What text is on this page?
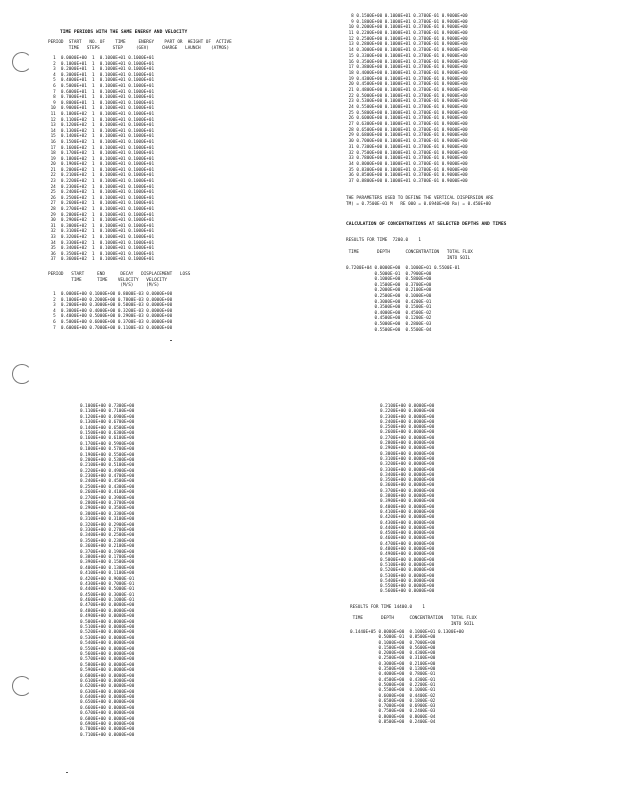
TIME PERIODS WITH THE SAME ENERGY AND VELOCITY
PERIOD  START   NO. OF    TIME     ENERGY    PART OR  HEIGHT OF  ACTIVE
TIME   STEPS     STEP     (GEV)     CHARGE   LAUNCH    (ATMOS)
1  0.0000E+00  1  0.1000E+01 0.1000E+01
2  0.1000E+01  1  0.1000E+01 0.1000E+01
3  0.2000E+01  1  0.1000E+01 0.1000E+01
4  0.3000E+01  1  0.1000E+01 0.1000E+01
5  0.4000E+01  1  0.1000E+01 0.1000E+01
6  0.5000E+01  1  0.1000E+01 0.1000E+01
7  0.6000E+01  1  0.1000E+01 0.1000E+01
8  0.7000E+01  1  0.1000E+01 0.1000E+01
9  0.8000E+01  1  0.1000E+01 0.1000E+01
10  0.9000E+01  1  0.1000E+01 0.1000E+01
11  0.1000E+02  1  0.1000E+01 0.1000E+01
12  0.1100E+02  1  0.1000E+01 0.1000E+01
13  0.1200E+02  1  0.1000E+01 0.1000E+01
14  0.1300E+02  1  0.1000E+01 0.1000E+01
15  0.1400E+02  1  0.1000E+01 0.1000E+01
16  0.1500E+02  1  0.1000E+01 0.1000E+01
17  0.1600E+02  1  0.1000E+01 0.1000E+01
18  0.1700E+02  1  0.1000E+01 0.1000E+01
19  0.1800E+02  1  0.1000E+01 0.1000E+01
20  0.1900E+02  1  0.1000E+01 0.1000E+01
21  0.2000E+02  1  0.1000E+01 0.1000E+01
22  0.2100E+02  1  0.1000E+01 0.1000E+01
23  0.2200E+02  1  0.1000E+01 0.1000E+01
24  0.2300E+02  1  0.1000E+01 0.1000E+01
25  0.2400E+02  1  0.1000E+01 0.1000E+01
26  0.2500E+02  1  0.1000E+01 0.1000E+01
27  0.2600E+02  1  0.1000E+01 0.1000E+01
28  0.2700E+02  1  0.1000E+01 0.1000E+01
29  0.2800E+02  1  0.1000E+01 0.1000E+01
30  0.2900E+02  1  0.1000E+01 0.1000E+01
31  0.3000E+02  1  0.1000E+01 0.1000E+01
32  0.3100E+02  1  0.1000E+01 0.1000E+01
33  0.3200E+02  1  0.1000E+01 0.1000E+01
34  0.3300E+02  1  0.1000E+01 0.1000E+01
35  0.3400E+02  1  0.1000E+01 0.1000E+01
36  0.3500E+02  1  0.1000E+01 0.1000E+01
37  0.3600E+02  1  0.1000E+01 0.1000E+01
PERIOD   START     END      DECAY   DISPLACEMENT   LOSS
TIME      TIME    VELOCITY   VELOCITY
(M/S)     (M/S)
1  0.0000E+00 0.1000E+00 0.8000E-03 0.0000E+00
2  0.1000E+00 0.2000E+00 0.7800E-03 0.0000E+00
3  0.2000E+00 0.3000E+00 0.5000E-03 0.0000E+00
4  0.3000E+00 0.4000E+00 0.3200E-03 0.0000E+00
5  0.4000E+00 0.5000E+00 0.2900E-03 0.0000E+00
6  0.5000E+00 0.6000E+00 0.3700E-03 0.0000E+00
7  0.6000E+00 0.7000E+00 0.1100E-03 0.0000E+00
8 0.1500E+00 0.1000E+01 0.3700E-01 0.9000E+00
9 0.1800E+00 0.1000E+01 0.3700E-01 0.9000E+00
10 0.2000E+00 0.1000E+01 0.3700E-01 0.9000E+00
11 0.2200E+00 0.1000E+01 0.3700E-01 0.9000E+00
12 0.2500E+00 0.1000E+01 0.3700E-01 0.9000E+00
13 0.2800E+00 0.1000E+01 0.3700E-01 0.9000E+00
14 0.3000E+00 0.1000E+01 0.3700E-01 0.9000E+00
15 0.3300E+00 0.1000E+01 0.3700E-01 0.9000E+00
16 0.3500E+00 0.1000E+01 0.3700E-01 0.9000E+00
17 0.3800E+00 0.1000E+01 0.3700E-01 0.9000E+00
18 0.4000E+00 0.1000E+01 0.3700E-01 0.9000E+00
19 0.4300E+00 0.1000E+01 0.3700E-01 0.9000E+00
20 0.4500E+00 0.1000E+01 0.3700E-01 0.9000E+00
21 0.4800E+00 0.1000E+01 0.3700E-01 0.9000E+00
22 0.5000E+00 0.1000E+01 0.3700E-01 0.9000E+00
23 0.5300E+00 0.1000E+01 0.3700E-01 0.9000E+00
24 0.5500E+00 0.1000E+01 0.3700E-01 0.9000E+00
25 0.5800E+00 0.1000E+01 0.3700E-01 0.9000E+00
26 0.6000E+00 0.1000E+01 0.3700E-01 0.9000E+00
27 0.6300E+00 0.1000E+01 0.3700E-01 0.9000E+00
28 0.6500E+00 0.1000E+01 0.3700E-01 0.9000E+00
29 0.6800E+00 0.1000E+01 0.3700E-01 0.9000E+00
30 0.7000E+00 0.1000E+01 0.3700E-01 0.9000E+00
31 0.7300E+00 0.1000E+01 0.3700E-01 0.9000E+00
32 0.7500E+00 0.1000E+01 0.3700E-01 0.9000E+00
33 0.7800E+00 0.1000E+01 0.3700E-01 0.9000E+00
34 0.8000E+00 0.1000E+01 0.3700E-01 0.9000E+00
35 0.8300E+00 0.1000E+01 0.3700E-01 0.9000E+00
36 0.8500E+00 0.1000E+01 0.3700E-01 0.9000E+00
37 0.8800E+00 0.1000E+01 0.3700E-01 0.9000E+00
THE PARAMETERS USED TO DEFINE THE VERTICAL DISPERSION ARE
TM) = 0.7500E-01 M   RE 000 = 0.6940E+00 Ro) = 0.450E+00
CALCULATION OF CONCENTRATIONS AT SELECTED DEPTHS AND TIMES
RESULTS FOR TIME  7200.0    1
TIME       DEPTH      CONCENTRATION   TOTAL FLUX
INTO SOIL
0.7200E+04 0.0000E+00  0.1000E+01 0.5500E-01
0.5000E-01  0.7900E+00
0.1000E+00  0.5800E+00
0.1500E+00  0.3700E+00
0.2000E+00  0.2100E+00
0.2500E+00  0.1000E+00
0.3000E+00  0.4200E-01
0.3500E+00  0.1500E-01
0.4000E+00  0.4500E-02
0.4500E+00  0.1200E-02
0.5000E+00  0.2800E-03
0.5500E+00  0.5500E-04
0.1000E+00 0.7300E+00
0.1100E+00 0.7100E+00
0.1200E+00 0.6900E+00
0.1300E+00 0.6700E+00
0.1400E+00 0.6500E+00
0.1500E+00 0.6300E+00
0.1600E+00 0.6100E+00
0.1700E+00 0.5900E+00
0.1800E+00 0.5700E+00
0.1900E+00 0.5500E+00
0.2000E+00 0.5300E+00
0.2100E+00 0.5100E+00
0.2200E+00 0.4900E+00
0.2300E+00 0.4700E+00
0.2400E+00 0.4500E+00
0.2500E+00 0.4300E+00
0.2600E+00 0.4100E+00
0.2700E+00 0.3900E+00
0.2800E+00 0.3700E+00
0.2900E+00 0.3500E+00
0.3000E+00 0.3300E+00
0.3100E+00 0.3100E+00
0.3200E+00 0.2900E+00
0.3300E+00 0.2700E+00
0.3400E+00 0.2500E+00
0.3500E+00 0.2300E+00
0.3600E+00 0.2100E+00
0.3700E+00 0.1900E+00
0.3800E+00 0.1700E+00
0.3900E+00 0.1500E+00
0.4000E+00 0.1300E+00
0.4100E+00 0.1100E+00
0.4200E+00 0.9000E-01
0.4300E+00 0.7000E-01
0.4400E+00 0.5000E-01
0.4500E+00 0.3000E-01
0.4600E+00 0.1000E-01
0.4700E+00 0.0000E+00
0.4800E+00 0.0000E+00
0.4900E+00 0.0000E+00
0.5000E+00 0.0000E+00
0.5100E+00 0.0000E+00
0.5200E+00 0.0000E+00
0.5300E+00 0.0000E+00
0.5400E+00 0.0000E+00
0.5500E+00 0.0000E+00
0.5600E+00 0.0000E+00
0.5700E+00 0.0000E+00
0.5800E+00 0.0000E+00
0.5900E+00 0.0000E+00
0.6000E+00 0.0000E+00
0.6100E+00 0.0000E+00
0.6200E+00 0.0000E+00
0.6300E+00 0.0000E+00
0.6400E+00 0.0000E+00
0.6500E+00 0.0000E+00
0.6600E+00 0.0000E+00
0.6700E+00 0.0000E+00
0.6800E+00 0.0000E+00
0.6900E+00 0.0000E+00
0.7000E+00 0.0000E+00
0.7100E+00 0.0000E+00
0.2100E+00 0.0000E+00
0.2200E+00 0.0000E+00
0.2300E+00 0.0000E+00
0.2400E+00 0.0000E+00
0.2500E+00 0.0000E+00
0.2600E+00 0.0000E+00
0.2700E+00 0.0000E+00
0.2800E+00 0.0000E+00
0.2900E+00 0.0000E+00
0.3000E+00 0.0000E+00
0.3100E+00 0.0000E+00
0.3200E+00 0.0000E+00
0.3300E+00 0.0000E+00
0.3400E+00 0.0000E+00
0.3500E+00 0.0000E+00
0.3600E+00 0.0000E+00
0.3700E+00 0.0000E+00
0.3800E+00 0.0000E+00
0.3900E+00 0.0000E+00
0.4000E+00 0.0000E+00
0.4100E+00 0.0000E+00
0.4200E+00 0.0000E+00
0.4300E+00 0.0000E+00
0.4400E+00 0.0000E+00
0.4500E+00 0.0000E+00
0.4600E+00 0.0000E+00
0.4700E+00 0.0000E+00
0.4800E+00 0.0000E+00
0.4900E+00 0.0000E+00
0.5000E+00 0.0000E+00
0.5100E+00 0.0000E+00
0.5200E+00 0.0000E+00
0.5300E+00 0.0000E+00
0.5400E+00 0.0000E+00
0.5500E+00 0.0000E+00
0.5600E+00 0.0000E+00
RESULTS FOR TIME 14400.0    1
TIME       DEPTH      CONCENTRATION   TOTAL FLUX
INTO SOIL
0.1440E+05 0.0000E+00  0.1000E+01 0.1300E+00
0.5000E-01  0.8500E+00
0.1000E+00  0.7000E+00
0.1500E+00  0.5600E+00
0.2000E+00  0.4300E+00
0.2500E+00  0.3100E+00
0.3000E+00  0.2100E+00
0.3500E+00  0.1300E+00
0.4000E+00  0.7800E-01
0.4500E+00  0.4300E-01
0.5000E+00  0.2200E-01
0.5500E+00  0.1000E-01
0.6000E+00  0.4400E-02
0.6500E+00  0.1800E-02
0.7000E+00  0.6900E-03
0.7500E+00  0.2400E-03
0.8000E+00  0.8000E-04
0.8500E+00  0.2400E-04
